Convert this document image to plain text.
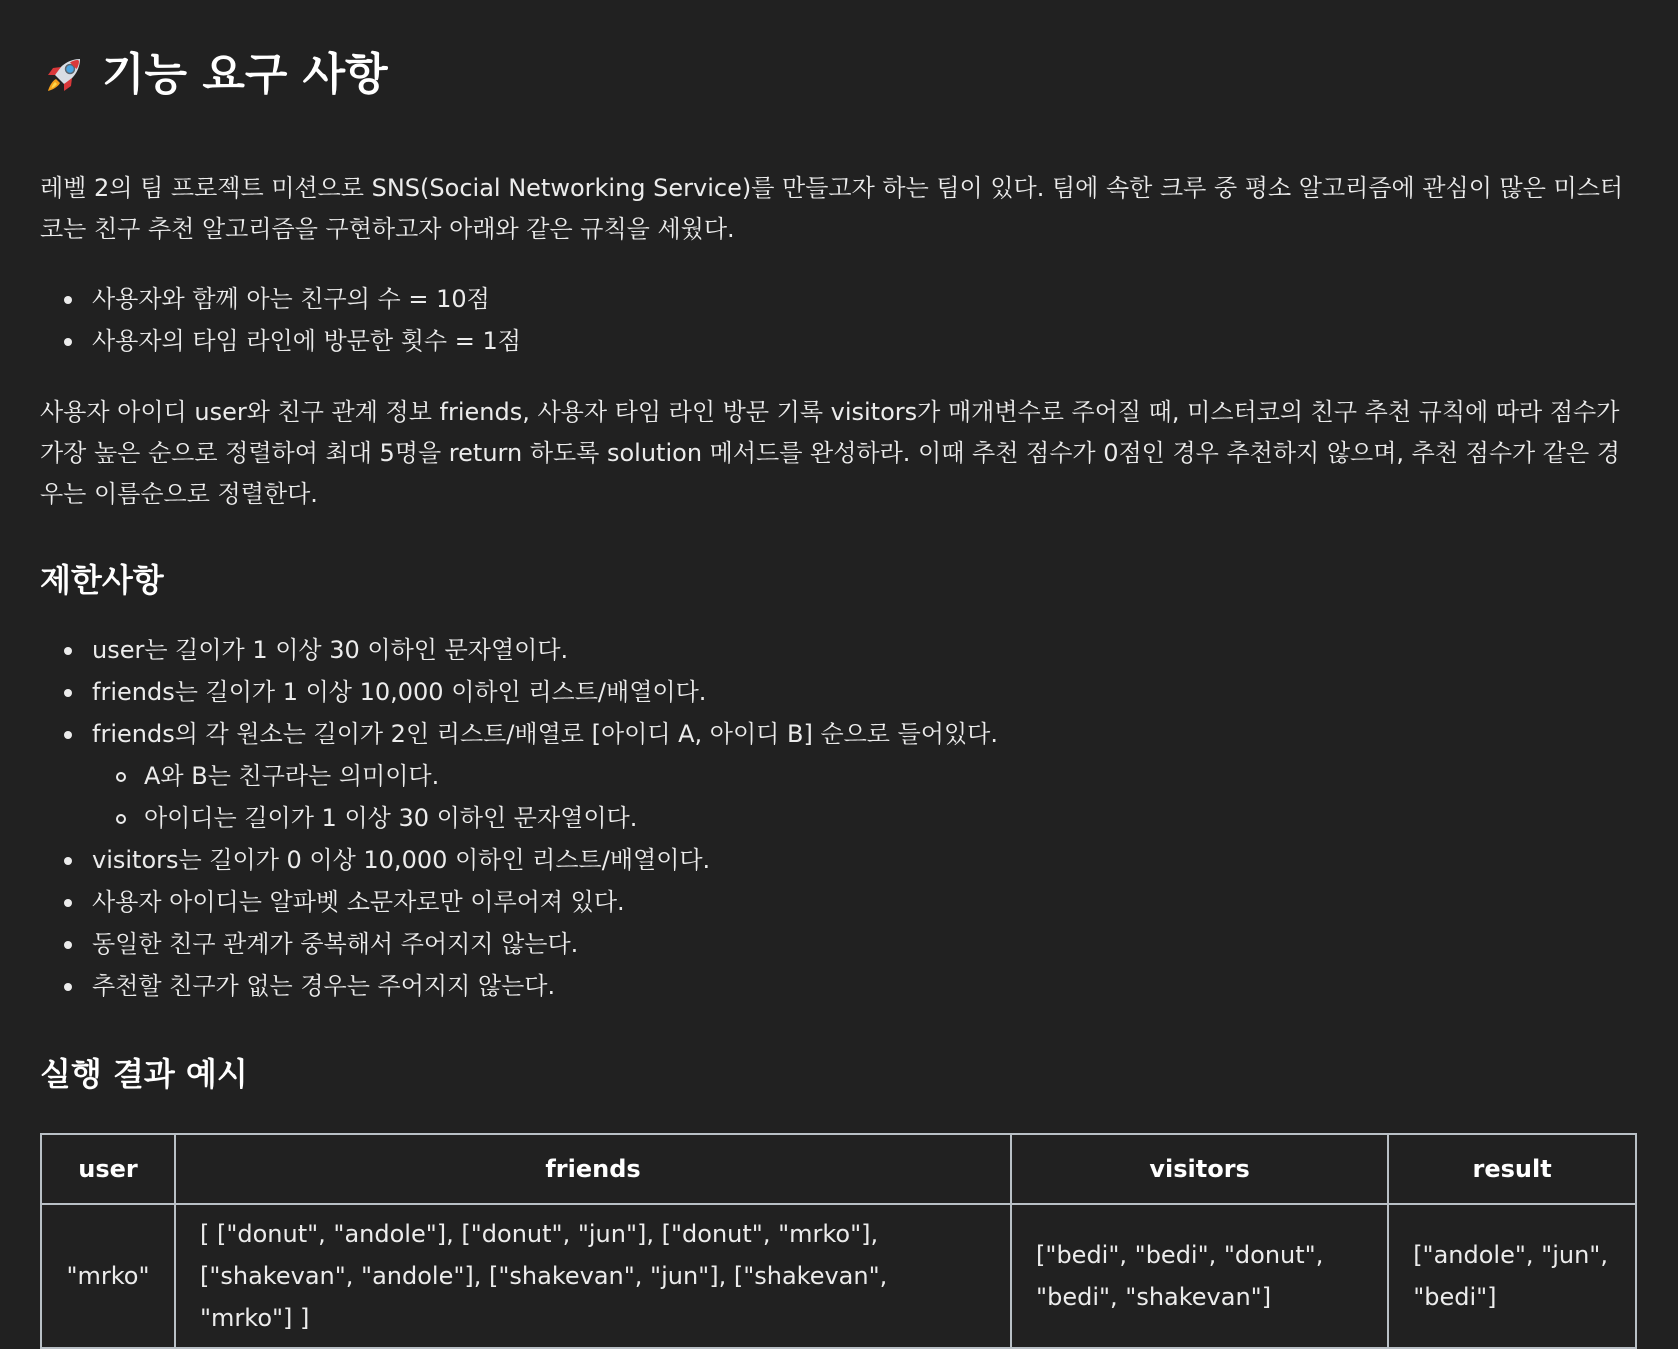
기능 요구 사항

레벨 2의 팀 프로젝트 미션으로 SNS(Social Networking Service)를 만들고자 하는 팀이 있다. 팀에 속한 크루 중 평소 알고리즘에 관심이 많은 미스터코는 친구 추천 알고리즘을 구현하고자 아래와 같은 규칙을 세웠다.

사용자와 함께 아는 친구의 수 = 10점
사용자의 타임 라인에 방문한 횟수 = 1점

사용자 아이디 user와 친구 관계 정보 friends, 사용자 타임 라인 방문 기록 visitors가 매개변수로 주어질 때, 미스터코의 친구 추천 규칙에 따라 점수가 가장 높은 순으로 정렬하여 최대 5명을 return 하도록 solution 메서드를 완성하라. 이때 추천 점수가 0점인 경우 추천하지 않으며, 추천 점수가 같은 경우는 이름순으로 정렬한다.

제한사항
user는 길이가 1 이상 30 이하인 문자열이다.
friends는 길이가 1 이상 10,000 이하인 리스트/배열이다.
friends의 각 원소는 길이가 2인 리스트/배열로 [아이디 A, 아이디 B] 순으로 들어있다.
A와 B는 친구라는 의미이다.
아이디는 길이가 1 이상 30 이하인 문자열이다.
visitors는 길이가 0 이상 10,000 이하인 리스트/배열이다.
사용자 아이디는 알파벳 소문자로만 이루어져 있다.
동일한 친구 관계가 중복해서 주어지지 않는다.
추천할 친구가 없는 경우는 주어지지 않는다.
실행 결과 예시
user	friends	visitors	result
"mrko"	[ ["donut", "andole"], ["donut", "jun"], ["donut", "mrko"], ["shakevan", "andole"], ["shakevan", "jun"], ["shakevan", "mrko"] ]	["bedi", "bedi", "donut", "bedi", "shakevan"]	["andole", "jun", "bedi"]
